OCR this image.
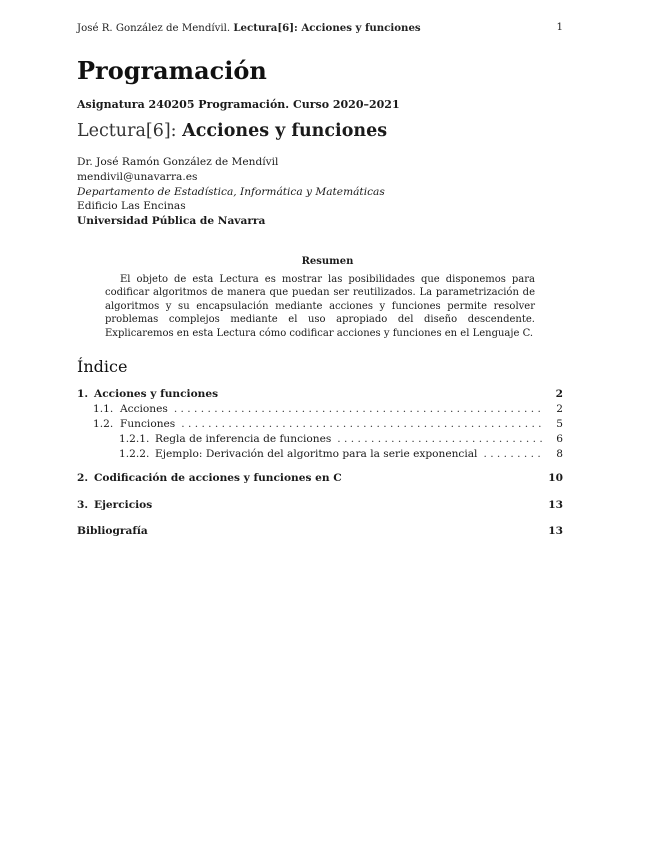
José R. González de Mendívil. Lectura[6]: Acciones y funciones	1
Programación
Asignatura 240205 Programación. Curso 2020–2021
Lectura[6]: Acciones y funciones
Dr. José Ramón González de Mendívil
mendivil@unavarra.es
Departamento de Estadística, Informática y Matemáticas
Edificio Las Encinas
Universidad Pública de Navarra
Resumen
El objeto de esta Lectura es mostrar las posibilidades que disponemos para codificar algoritmos de manera que puedan ser reutilizados. La parametrización de algoritmos y su encapsulación mediante acciones y funciones permite resolver problemas complejos mediante el uso apropiado del diseño descendente. Explicaremos en esta Lectura cómo codificar acciones y funciones en el Lenguaje C.
Índice
1. Acciones y funciones	2
1.1. Acciones . . .	2
1.2. Funciones . . .	5
1.2.1. Regla de inferencia de funciones . . .	6
1.2.2. Ejemplo: Derivación del algoritmo para la serie exponencial . . .	8
2. Codificación de acciones y funciones en C	10
3. Ejercicios	13
Bibliografía	13
